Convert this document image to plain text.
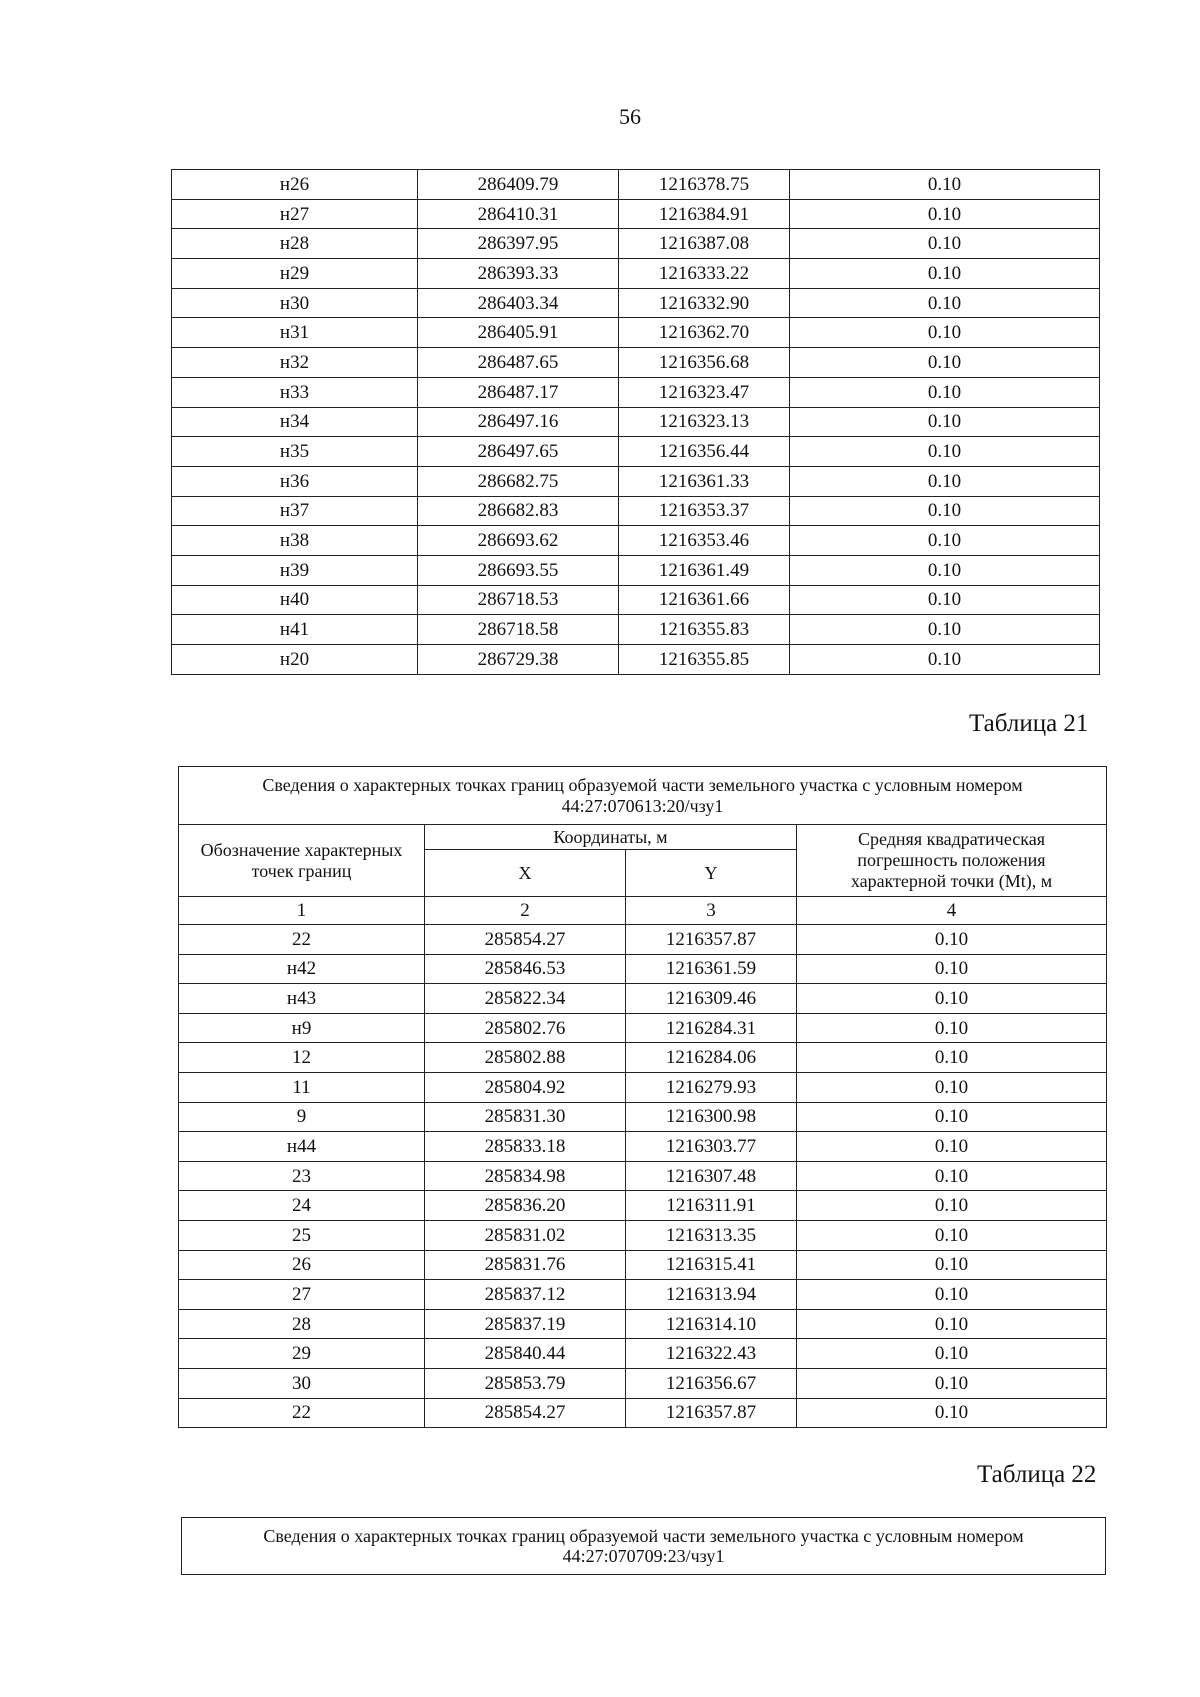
56
н26	286409.79	1216378.75	0.10
н27	286410.31	1216384.91	0.10
н28	286397.95	1216387.08	0.10
н29	286393.33	1216333.22	0.10
н30	286403.34	1216332.90	0.10
н31	286405.91	1216362.70	0.10
н32	286487.65	1216356.68	0.10
н33	286487.17	1216323.47	0.10
н34	286497.16	1216323.13	0.10
н35	286497.65	1216356.44	0.10
н36	286682.75	1216361.33	0.10
н37	286682.83	1216353.37	0.10
н38	286693.62	1216353.46	0.10
н39	286693.55	1216361.49	0.10
н40	286718.53	1216361.66	0.10
н41	286718.58	1216355.83	0.10
н20	286729.38	1216355.85	0.10
Таблица 21
Сведения о характерных точках границ образуемой части земельного участка с условным номером 44:27:070613:20/чзу1			
Обозначение характерных точек границ	Координаты, м		Средняя квадратическая погрешность положения характерной точки (Mt), м
	X	Y	
1	2	3	4
22	285854.27	1216357.87	0.10
н42	285846.53	1216361.59	0.10
н43	285822.34	1216309.46	0.10
н9	285802.76	1216284.31	0.10
12	285802.88	1216284.06	0.10
11	285804.92	1216279.93	0.10
9	285831.30	1216300.98	0.10
н44	285833.18	1216303.77	0.10
23	285834.98	1216307.48	0.10
24	285836.20	1216311.91	0.10
25	285831.02	1216313.35	0.10
26	285831.76	1216315.41	0.10
27	285837.12	1216313.94	0.10
28	285837.19	1216314.10	0.10
29	285840.44	1216322.43	0.10
30	285853.79	1216356.67	0.10
22	285854.27	1216357.87	0.10
Таблица 22
Сведения о характерных точках границ образуемой части земельного участка с условным номером 44:27:070709:23/чзу1
